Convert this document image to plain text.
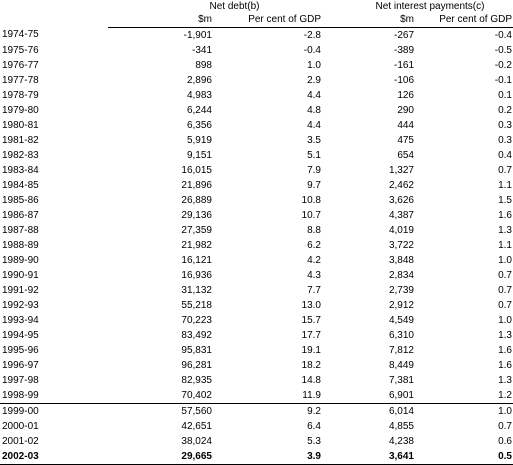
	Net debt(b)		Net interest payments(c)	
	$m	Per cent of GDP	$m	Per cent of GDP
1974-75	-1,901	-2.8	-267	-0.4
1975-76	-341	-0.4	-389	-0.5
1976-77	898	1.0	-161	-0.2
1977-78	2,896	2.9	-106	-0.1
1978-79	4,983	4.4	126	0.1
1979-80	6,244	4.8	290	0.2
1980-81	6,356	4.4	444	0.3
1981-82	5,919	3.5	475	0.3
1982-83	9,151	5.1	654	0.4
1983-84	16,015	7.9	1,327	0.7
1984-85	21,896	9.7	2,462	1.1
1985-86	26,889	10.8	3,626	1.5
1986-87	29,136	10.7	4,387	1.6
1987-88	27,359	8.8	4,019	1.3
1988-89	21,982	6.2	3,722	1.1
1989-90	16,121	4.2	3,848	1.0
1990-91	16,936	4.3	2,834	0.7
1991-92	31,132	7.7	2,739	0.7
1992-93	55,218	13.0	2,912	0.7
1993-94	70,223	15.7	4,549	1.0
1994-95	83,492	17.7	6,310	1.3
1995-96	95,831	19.1	7,812	1.6
1996-97	96,281	18.2	8,449	1.6
1997-98	82,935	14.8	7,381	1.3
1998-99	70,402	11.9	6,901	1.2
1999-00	57,560	9.2	6,014	1.0
2000-01	42,651	6.4	4,855	0.7
2001-02	38,024	5.3	4,238	0.6
2002-03	29,665	3.9	3,641	0.5
